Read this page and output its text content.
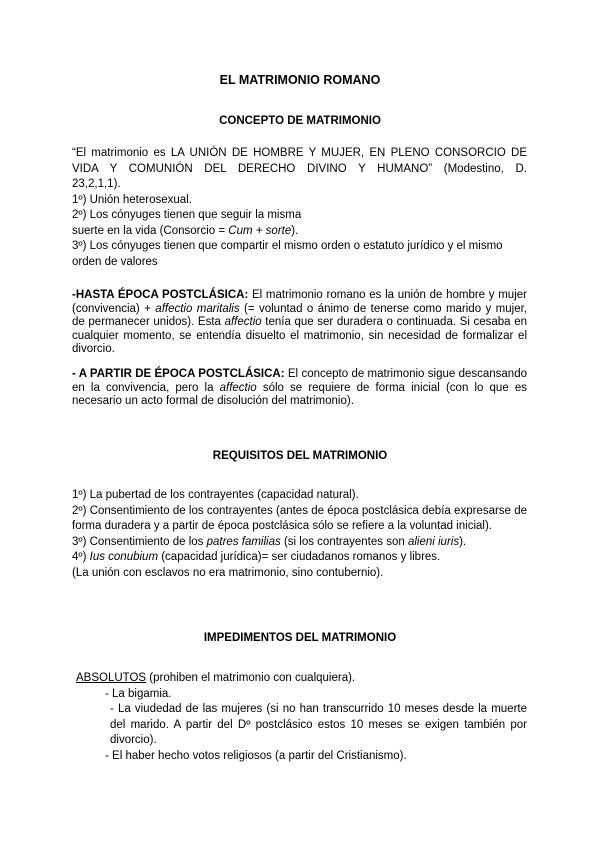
EL MATRIMONIO ROMANO
CONCEPTO DE MATRIMONIO

“El matrimonio es LA UNIÓN DE HOMBRE Y MUJER, EN PLENO CONSORCIO DE

VIDA Y COMUNIÓN DEL DERECHO DIVINO Y HUMANO” (Modestino, D.

23,2,1,1).

1º) Unión heterosexual.

2º) Los cónyuges tienen que seguir la misma

suerte en la vida (Consorcio = Cum + sorte).

3º) Los cónyuges tienen que compartir el mismo orden o estatuto jurídico y el mismo

orden de valores

-HASTA ÉPOCA POSTCLÁSICA: El matrimonio romano es la unión de hombre y mujer (convivencia) + affectio maritalis (= voluntad o ánimo de tenerse como marido y mujer, de permanecer unidos). Esta affectio tenía que ser duradera o continuada. Si cesaba en cualquier momento, se entendía disuelto el matrimonio, sin necesidad de formalizar el divorcio.
- A PARTIR DE ÉPOCA POSTCLÁSICA: El concepto de matrimonio sigue descansando en la convivencia, pero la affectio sólo se requiere de forma inicial (con lo que es necesario un acto formal de disolución del matrimonio).
REQUISITOS DEL MATRIMONIO

1º) La pubertad de los contrayentes (capacidad natural).

2º) Consentimiento de los contrayentes (antes de época postclásica debía expresarse de forma duradera y a partir de época postclásica sólo se refiere a la voluntad inicial).

3º) Consentimiento de los patres familias (si los contrayentes son alieni iuris).

4º) Ius conubium (capacidad jurídica)= ser ciudadanos romanos y libres.

(La unión con esclavos no era matrimonio, sino contubernio).

IMPEDIMENTOS DEL MATRIMONIO

ABSOLUTOS (prohiben el matrimonio con cualquiera).

- La bigamia.

- La viudedad de las mujeres (si no han transcurrido 10 meses desde la muerte del marido. A partir del Dº postclásico estos 10 meses se exigen también por divorcio).

- El haber hecho votos religiosos (a partir del Cristianismo).
